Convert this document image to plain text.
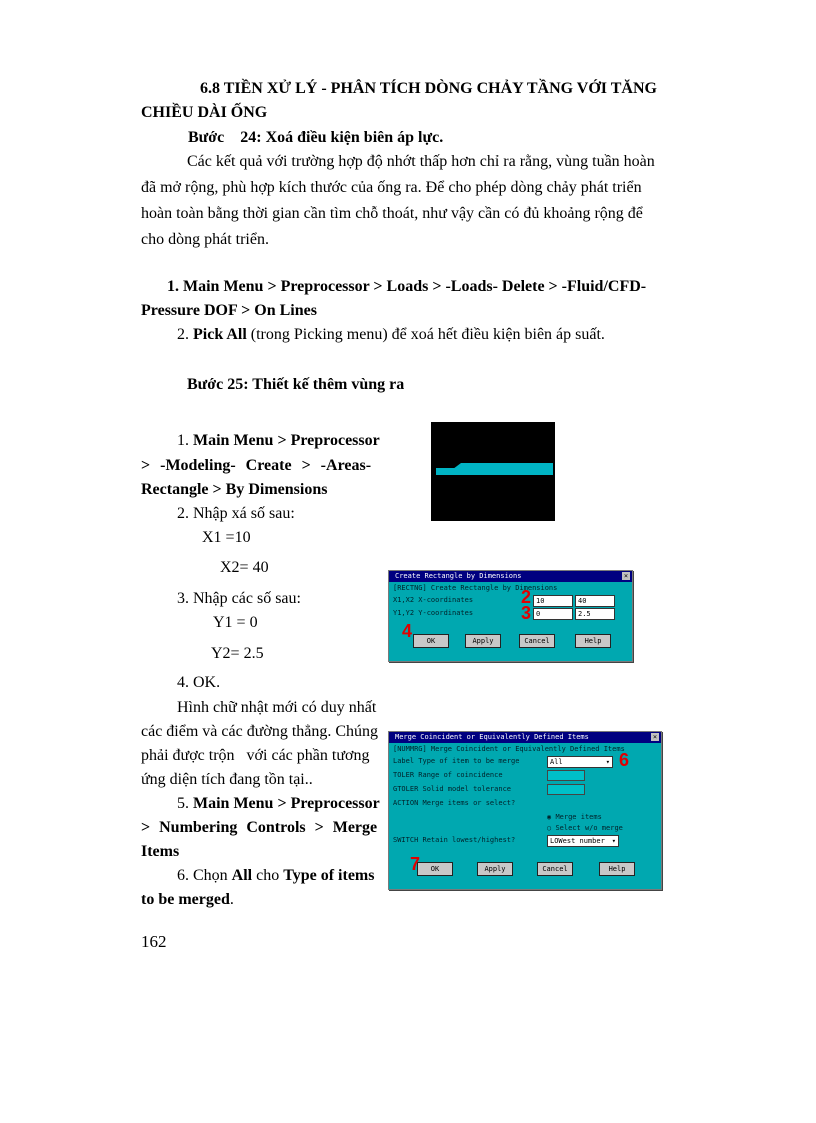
6.8 TIỀN XỬ LÝ - PHÂN TÍCH DÒNG CHẢY TẦNG VỚI TĂNG
CHIỀU DÀI ỐNG
Bước    24: Xoá điều kiện biên áp lực.
Các kết quả với trường hợp độ nhớt thấp hơn chỉ ra rằng, vùng tuần hoàn
đã mở rộng, phù hợp kích thước của ống ra. Để cho phép dòng chảy phát triển
hoàn toàn bằng thời gian cần tìm chỗ thoát, như vậy cần có đủ khoảng rộng để
cho dòng phát triển.
1. Main Menu > Preprocessor > Loads > -Loads- Delete > -Fluid/CFD-
Pressure DOF > On Lines
2. Pick All (trong Picking menu) để xoá hết điều kiện biên áp suất.
Bước 25: Thiết kế thêm vùng ra
1. Main Menu > Preprocessor
> -Modeling- Create > -Areas-
Rectangle > By Dimensions
2. Nhập xá số sau:
X1 =10
X2= 40
3. Nhập các số sau:
Y1 = 0
Y2= 2.5
4. OK.
Hình chữ nhật mới có duy nhất
các điểm và các đường thẳng. Chúng
phải được trộn   với các phần tương
ứng diện tích đang tồn tại..
5. Main Menu > Preprocessor
> Numbering Controls > Merge
Items
6. Chọn All cho Type of items
to be merged.
162
Create Rectangle by Dimensions	×
[RECTNG] Create Rectangle by Dimensions
X1,X2 X-coordinates
Y1,Y2 Y-coordinates
10	40
0	2.5
OK	Apply	Cancel	Help
2
3
4
Merge Coincident or Equivalently Defined Items	×
[NUMMRG] Merge Coincident or Equivalently Defined Items
Label Type of item to be merge	All	▾
TOLER Range of coincidence
GTOLER Solid model tolerance
ACTION Merge items or select?
◉ Merge items
○ Select w/o merge
SWITCH Retain lowest/highest?	LOWest number ▾
OK	Apply	Cancel	Help
6
7
